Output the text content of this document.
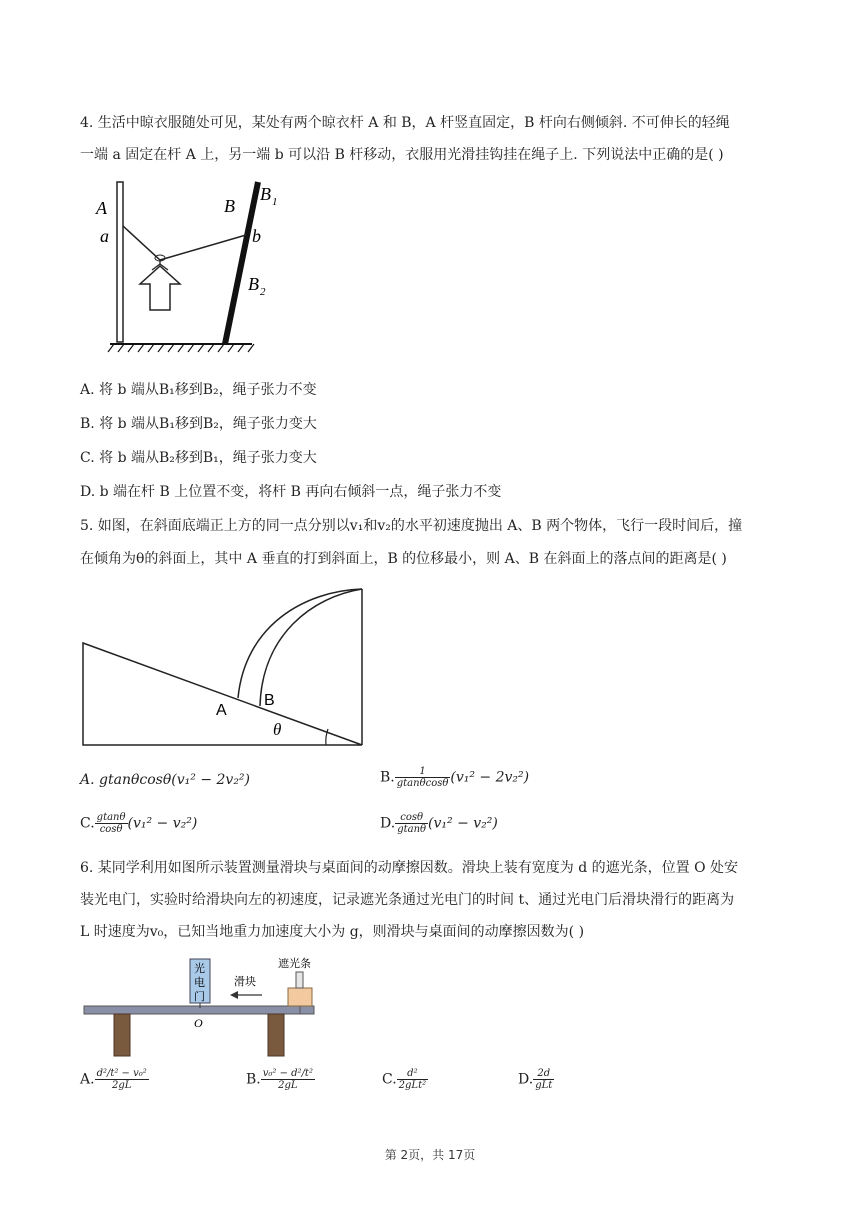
4. 生活中晾衣服随处可见，某处有两个晾衣杆 A 和 B，A 杆竖直固定，B 杆向右侧倾斜. 不可伸长的轻绳
一端 a 固定在杆 A 上，另一端 b 可以沿 B 杆移动，衣服用光滑挂钩挂在绳子上. 下列说法中正确的是( )
A
a
B
b
B 1
B 2
A. 将 b 端从B₁移到B₂，绳子张力不变
B. 将 b 端从B₁移到B₂，绳子张力变大
C. 将 b 端从B₂移到B₁，绳子张力变大
D. b 端在杆 B 上位置不变，将杆 B 再向右倾斜一点，绳子张力不变
5. 如图，在斜面底端正上方的同一点分别以v₁和v₂的水平初速度抛出 A、B 两个物体，飞行一段时间后，撞
在倾角为θ的斜面上，其中 A 垂直的打到斜面上，B 的位移最小，则 A、B 在斜面上的落点间的距离是( )
A
B
θ
A. gtanθcosθ(v₁² − 2v₂²)	B. $\frac{1}{gtan\theta\cos\theta} (v_1^2 - 2v_2^2)$
C. $\frac{gtan\theta}{\cos\theta} (v_1^2 - v_2^2)$	D. $\frac{\cos\theta}{gtan\theta} (v_1^2 - v_2^2)$
6. 某同学利用如图所示装置测量滑块与桌面间的动摩擦因数。滑块上装有宽度为 d 的遮光条，位置 O 处安
装光电门，实验时给滑块向左的初速度，记录遮光条通过光电门的时间 t、通过光电门后滑块滑行的距离为
L 时速度为v₀，已知当地重力加速度大小为 g，则滑块与桌面间的动摩擦因数为( )
光
电
门
滑块
遮光条
O
A. $\frac{\text{d²/t² − v₀²}}{2gL}$	B. $\frac{\text{v₀² − d²/t²}}{2gL}$	C. $\frac{\text{d²}}{\text{2gLt²}}$	D. $\frac{2d}{\text{gLt}}$
第 2页，共 17页
